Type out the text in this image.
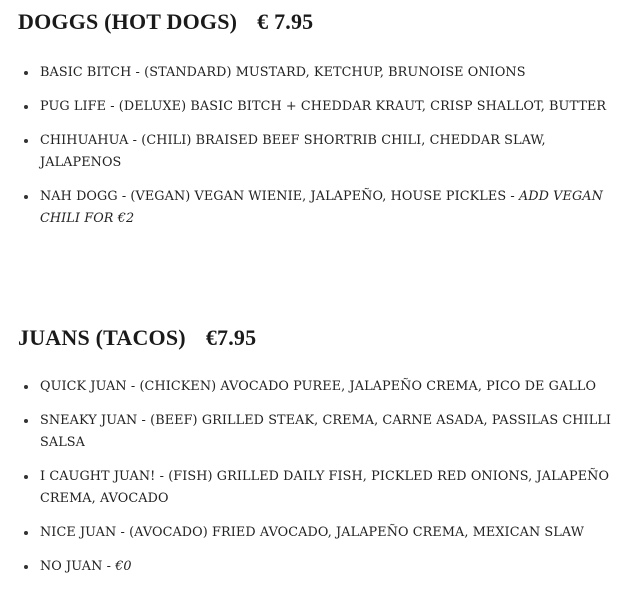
DOGGS (HOT DOGS) € 7.95
BASIC BITCH - (STANDARD) MUSTARD, KETCHUP, BRUNOISE ONIONS
PUG LIFE - (DELUXE) BASIC BITCH + CHEDDAR KRAUT, CRISP SHALLOT, BUTTER
CHIHUAHUA - (CHILI) BRAISED BEEF SHORTRIB CHILI, CHEDDAR SLAW, JALAPENOS
NAH DOGG - (VEGAN) VEGAN WIENIE, JALAPEÑO, HOUSE PICKLES - ADD VEGAN CHILI FOR €2
JUANS (TACOS) €7.95
QUICK JUAN - (CHICKEN) AVOCADO PUREE, JALAPEÑO CREMA, PICO DE GALLO
SNEAKY JUAN - (BEEF) GRILLED STEAK, CREMA, CARNE ASADA, PASSILAS CHILLI SALSA
I CAUGHT JUAN! - (FISH) GRILLED DAILY FISH, PICKLED RED ONIONS, JALAPEÑO CREMA, AVOCADO
NICE JUAN - (AVOCADO) FRIED AVOCADO, JALAPEÑO CREMA, MEXICAN SLAW
NO JUAN - €0
